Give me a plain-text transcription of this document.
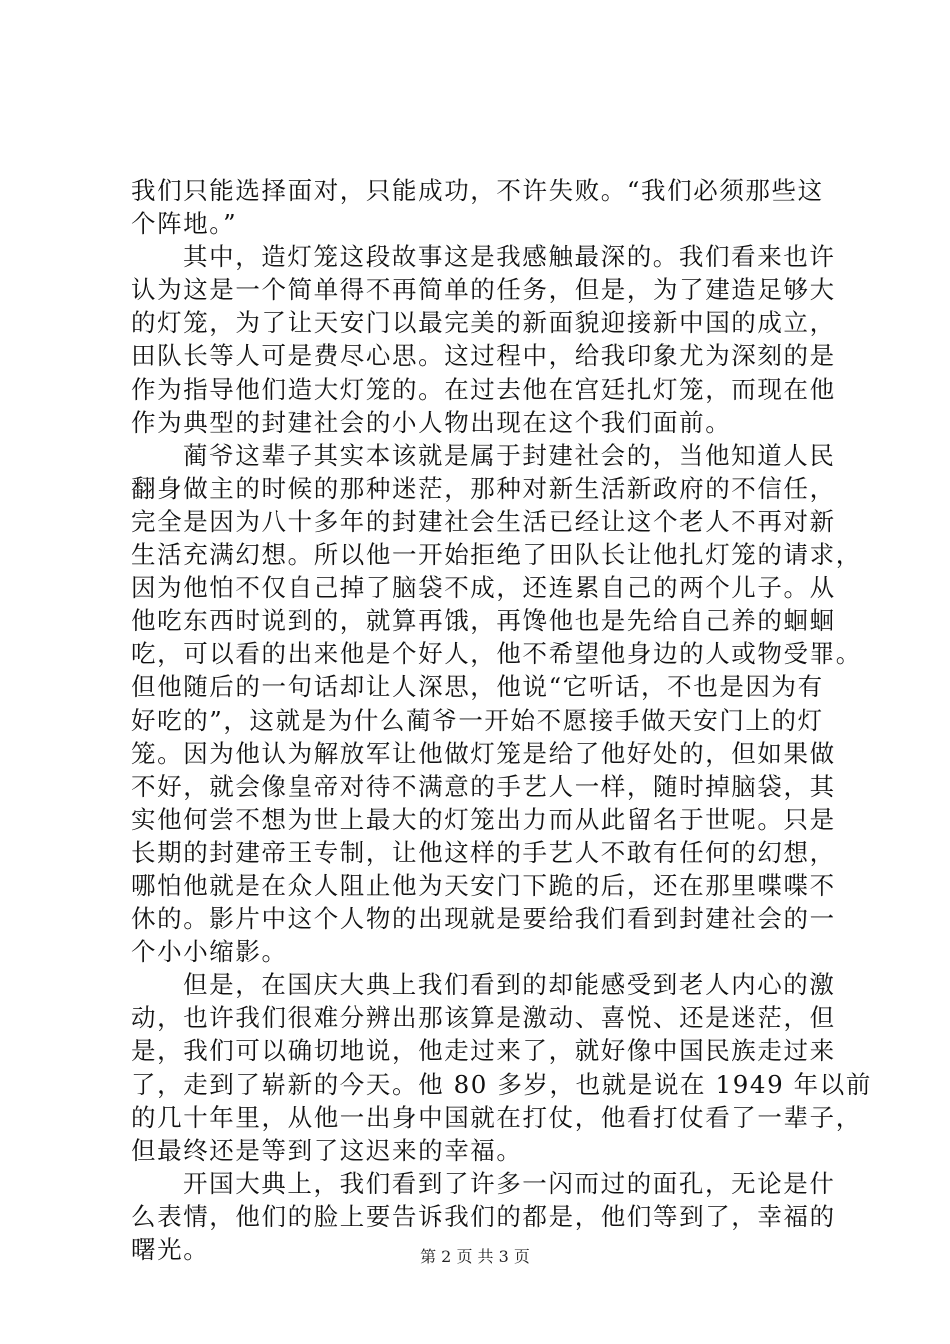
我们只能选择面对，只能成功，不许失败。“我们必须那些这
个阵地。”
其中，造灯笼这段故事这是我感触最深的。我们看来也许
认为这是一个简单得不再简单的任务，但是，为了建造足够大
的灯笼，为了让天安门以最完美的新面貌迎接新中国的成立，
田队长等人可是费尽心思。这过程中，给我印象尤为深刻的是
作为指导他们造大灯笼的。在过去他在宫廷扎灯笼，而现在他
作为典型的封建社会的小人物出现在这个我们面前。
蔺爷这辈子其实本该就是属于封建社会的，当他知道人民
翻身做主的时候的那种迷茫，那种对新生活新政府的不信任，
完全是因为八十多年的封建社会生活已经让这个老人不再对新
生活充满幻想。所以他一开始拒绝了田队长让他扎灯笼的请求，
因为他怕不仅自己掉了脑袋不成，还连累自己的两个儿子。从
他吃东西时说到的，就算再饿，再馋他也是先给自己养的蛔蛔
吃，可以看的出来他是个好人，他不希望他身边的人或物受罪。
但他随后的一句话却让人深思，他说“它听话，不也是因为有
好吃的”，这就是为什么蔺爷一开始不愿接手做天安门上的灯
笼。因为他认为解放军让他做灯笼是给了他好处的，但如果做
不好，就会像皇帝对待不满意的手艺人一样，随时掉脑袋，其
实他何尝不想为世上最大的灯笼出力而从此留名于世呢。只是
长期的封建帝王专制，让他这样的手艺人不敢有任何的幻想，
哪怕他就是在众人阻止他为天安门下跪的后，还在那里喋喋不
休的。影片中这个人物的出现就是要给我们看到封建社会的一
个小小缩影。
但是，在国庆大典上我们看到的却能感受到老人内心的激
动，也许我们很难分辨出那该算是激动、喜悦、还是迷茫，但
是，我们可以确切地说，他走过来了，就好像中国民族走过来
了，走到了崭新的今天。他 80 多岁，也就是说在 1949 年以前
的几十年里，从他一出身中国就在打仗，他看打仗看了一辈子，
但最终还是等到了这迟来的幸福。
开国大典上，我们看到了许多一闪而过的面孔，无论是什
么表情，他们的脸上要告诉我们的都是，他们等到了，幸福的
曙光。	第 2 页 共 3 页
